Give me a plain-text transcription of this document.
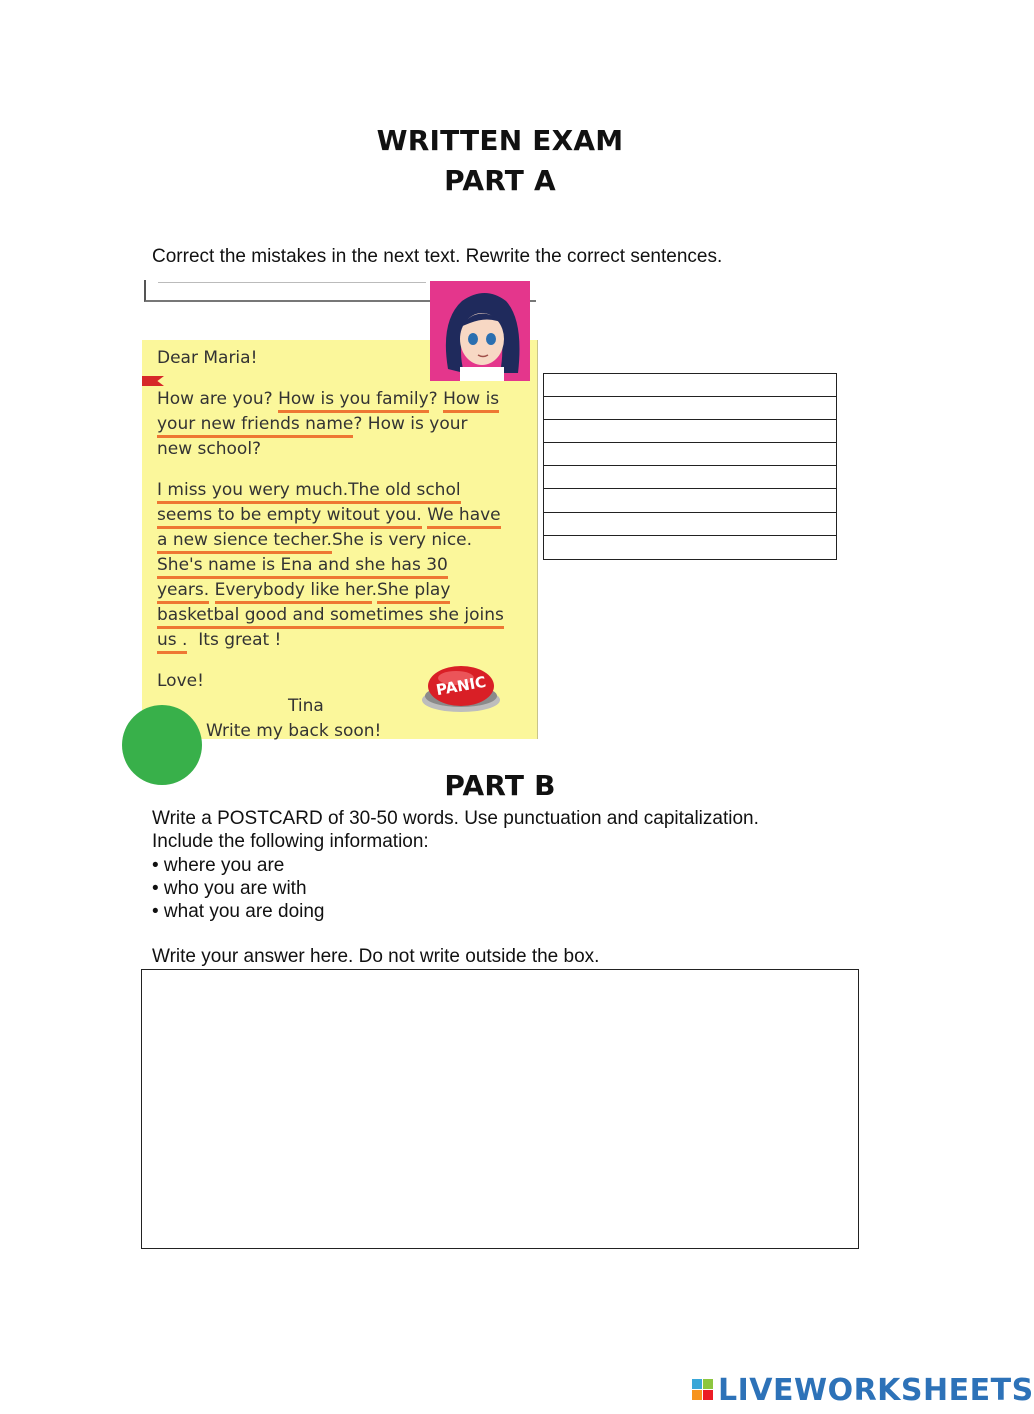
WRITTEN EXAM
PART A
Correct the mistakes in the next text. Rewrite the correct sentences.
Dear Maria!
How are you? How is you family? How is
your new friends name? How is your
new school?
I miss you wery much.The old schol
seems to be empty witout you. We have
a new sience techer.She is very nice.
She's name is Ena and she has 30
years. Everybody like her.She play
basketbal good and sometimes she joins
us .  Its great !
Love!
Tina
Write my back soon!
PANIC
PART B
Write a POSTCARD of 30-50 words. Use punctuation and capitalization.
Include the following information:
• where you are
• who you are with
• what you are doing
Write your answer here. Do not write outside the box.
LIVEWORKSHEETS
